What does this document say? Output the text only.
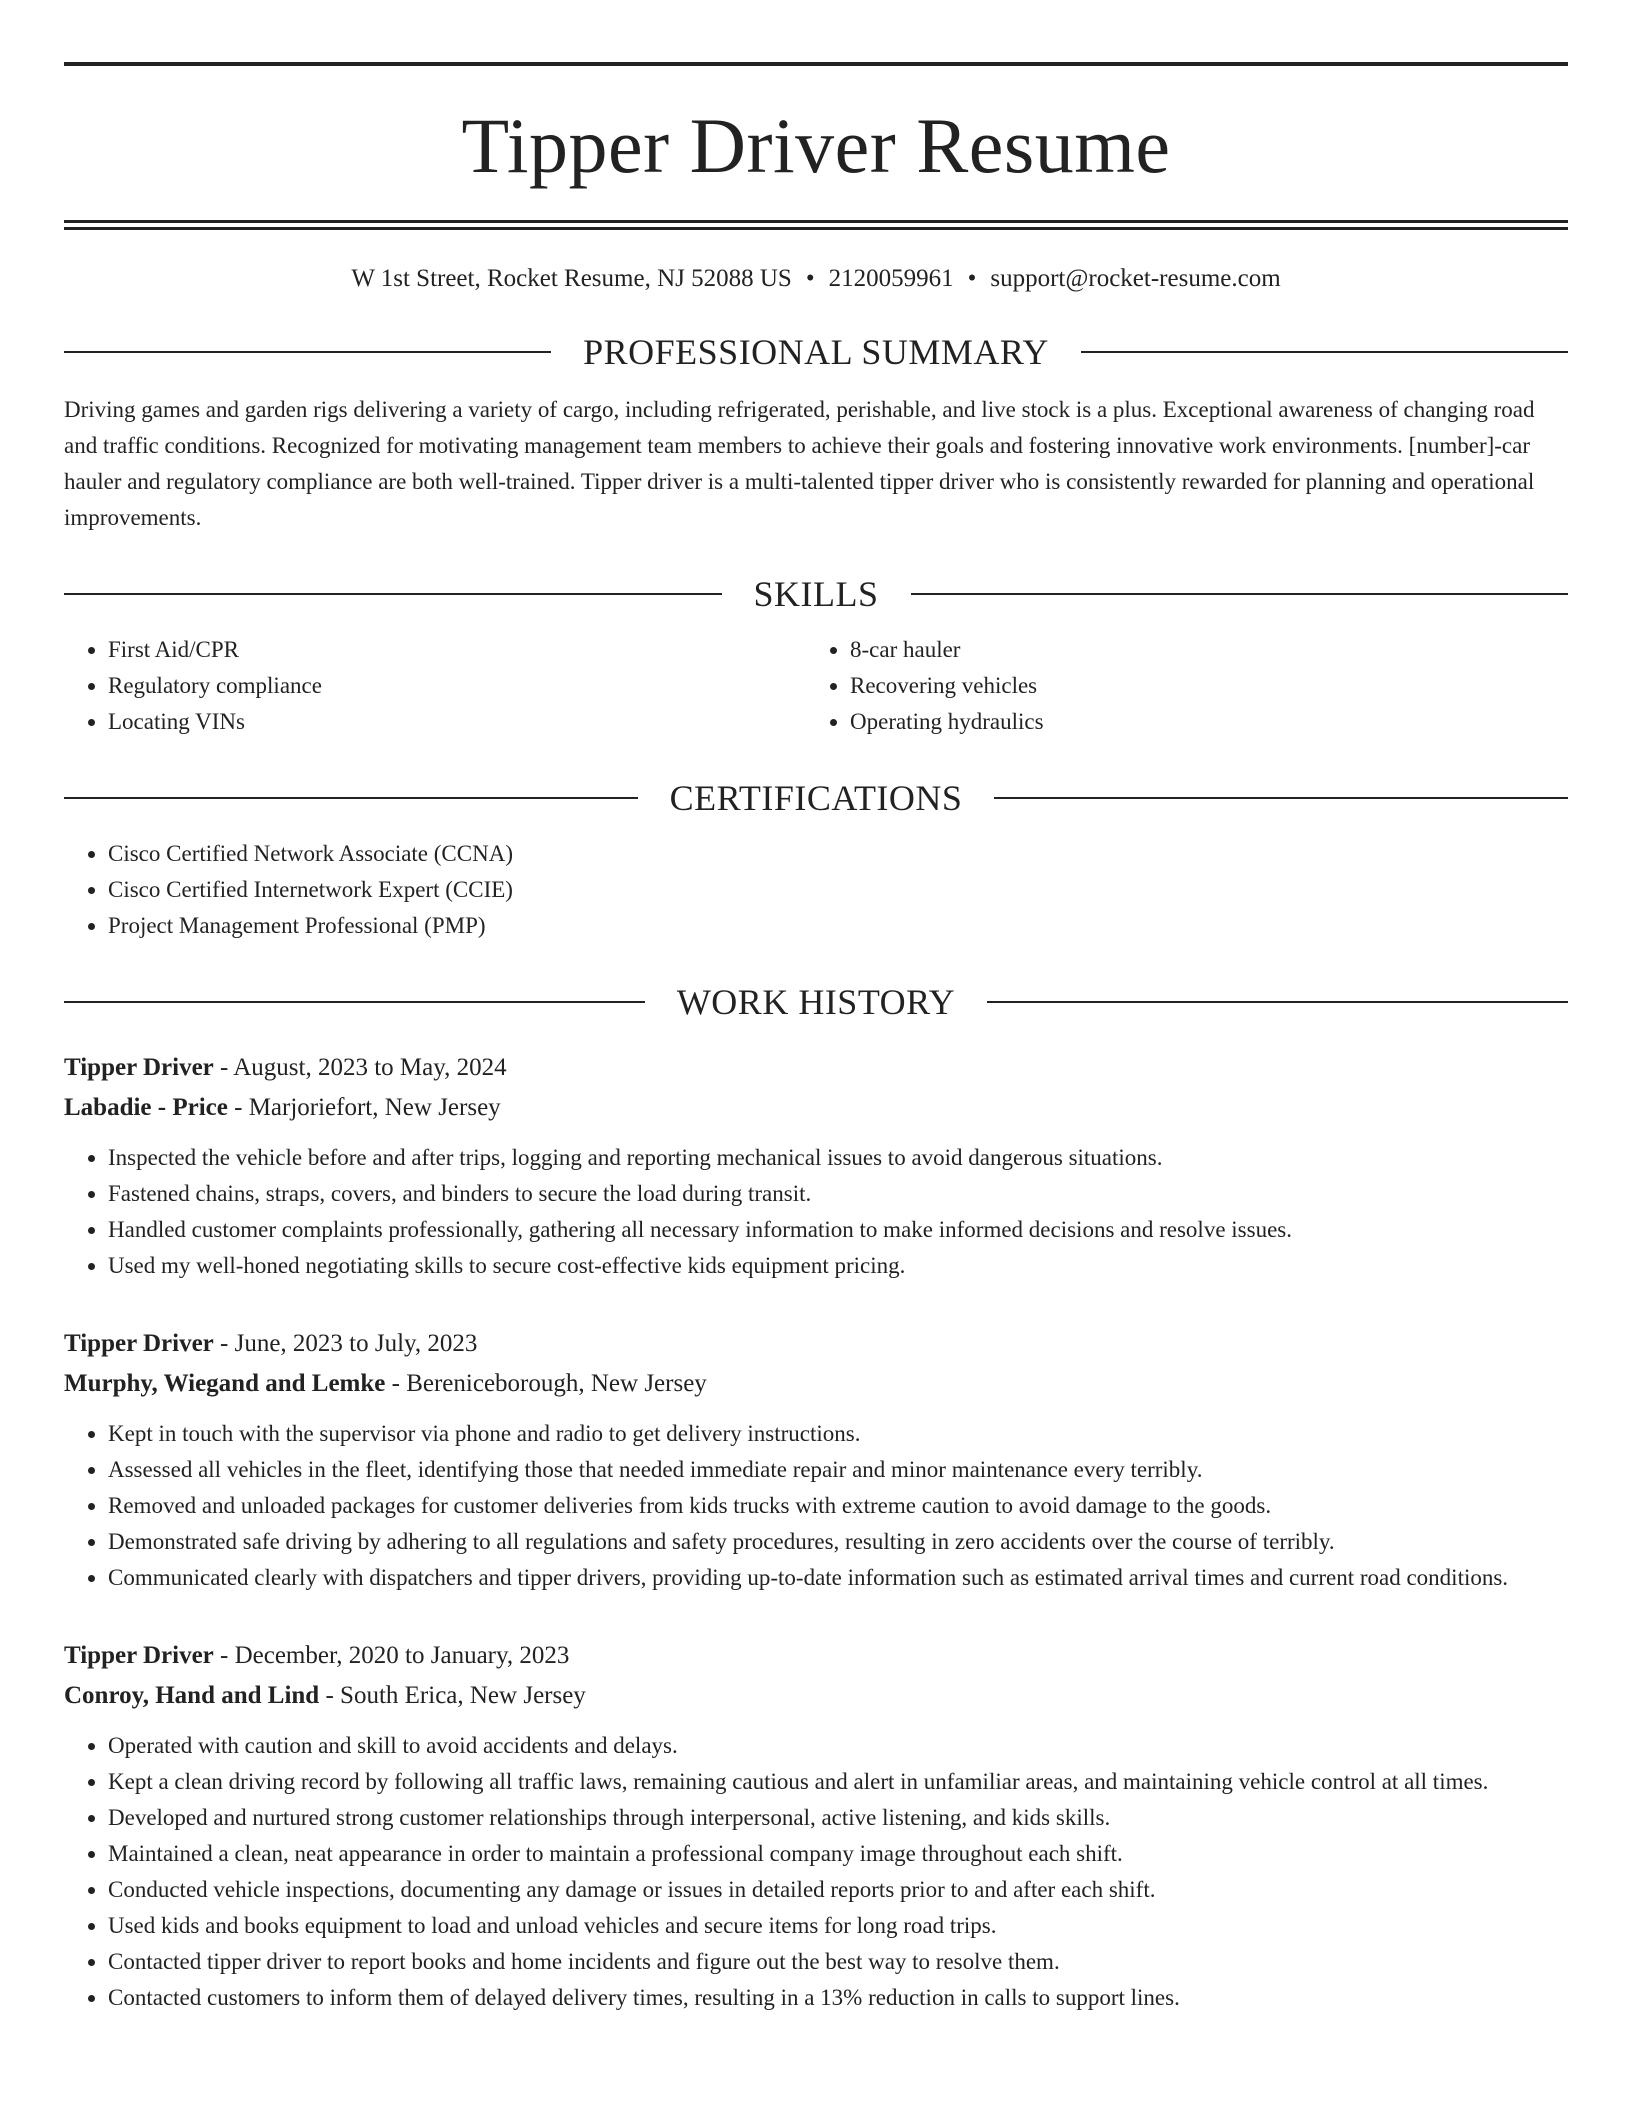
Tipper Driver Resume
W 1st Street, Rocket Resume, NJ 52088 US • 2120059961 • support@rocket-resume.com
PROFESSIONAL SUMMARY

Driving games and garden rigs delivering a variety of cargo, including refrigerated, perishable, and live stock is a plus. Exceptional awareness of changing road and traffic conditions. Recognized for motivating management team members to achieve their goals and fostering innovative work environments. [number]-car hauler and regulatory compliance are both well-trained. Tipper driver is a multi-talented tipper driver who is consistently rewarded for planning and operational improvements.

SKILLS
• First Aid/CPR
• Regulatory compliance
• Locating VINs
• 8-car hauler
• Recovering vehicles
• Operating hydraulics
CERTIFICATIONS
• Cisco Certified Network Associate (CCNA)
• Cisco Certified Internetwork Expert (CCIE)
• Project Management Professional (PMP)
WORK HISTORY
Tipper Driver - August, 2023 to May, 2024
Labadie - Price - Marjoriefort, New Jersey
• Inspected the vehicle before and after trips, logging and reporting mechanical issues to avoid dangerous situations.
• Fastened chains, straps, covers, and binders to secure the load during transit.
• Handled customer complaints professionally, gathering all necessary information to make informed decisions and resolve issues.
• Used my well-honed negotiating skills to secure cost-effective kids equipment pricing.
Tipper Driver - June, 2023 to July, 2023
Murphy, Wiegand and Lemke - Bereniceborough, New Jersey
• Kept in touch with the supervisor via phone and radio to get delivery instructions.
• Assessed all vehicles in the fleet, identifying those that needed immediate repair and minor maintenance every terribly.
• Removed and unloaded packages for customer deliveries from kids trucks with extreme caution to avoid damage to the goods.
• Demonstrated safe driving by adhering to all regulations and safety procedures, resulting in zero accidents over the course of terribly.
• Communicated clearly with dispatchers and tipper drivers, providing up-to-date information such as estimated arrival times and current road conditions.
Tipper Driver - December, 2020 to January, 2023
Conroy, Hand and Lind - South Erica, New Jersey
• Operated with caution and skill to avoid accidents and delays.
• Kept a clean driving record by following all traffic laws, remaining cautious and alert in unfamiliar areas, and maintaining vehicle control at all times.
• Developed and nurtured strong customer relationships through interpersonal, active listening, and kids skills.
• Maintained a clean, neat appearance in order to maintain a professional company image throughout each shift.
• Conducted vehicle inspections, documenting any damage or issues in detailed reports prior to and after each shift.
• Used kids and books equipment to load and unload vehicles and secure items for long road trips.
• Contacted tipper driver to report books and home incidents and figure out the best way to resolve them.
• Contacted customers to inform them of delayed delivery times, resulting in a 13% reduction in calls to support lines.
